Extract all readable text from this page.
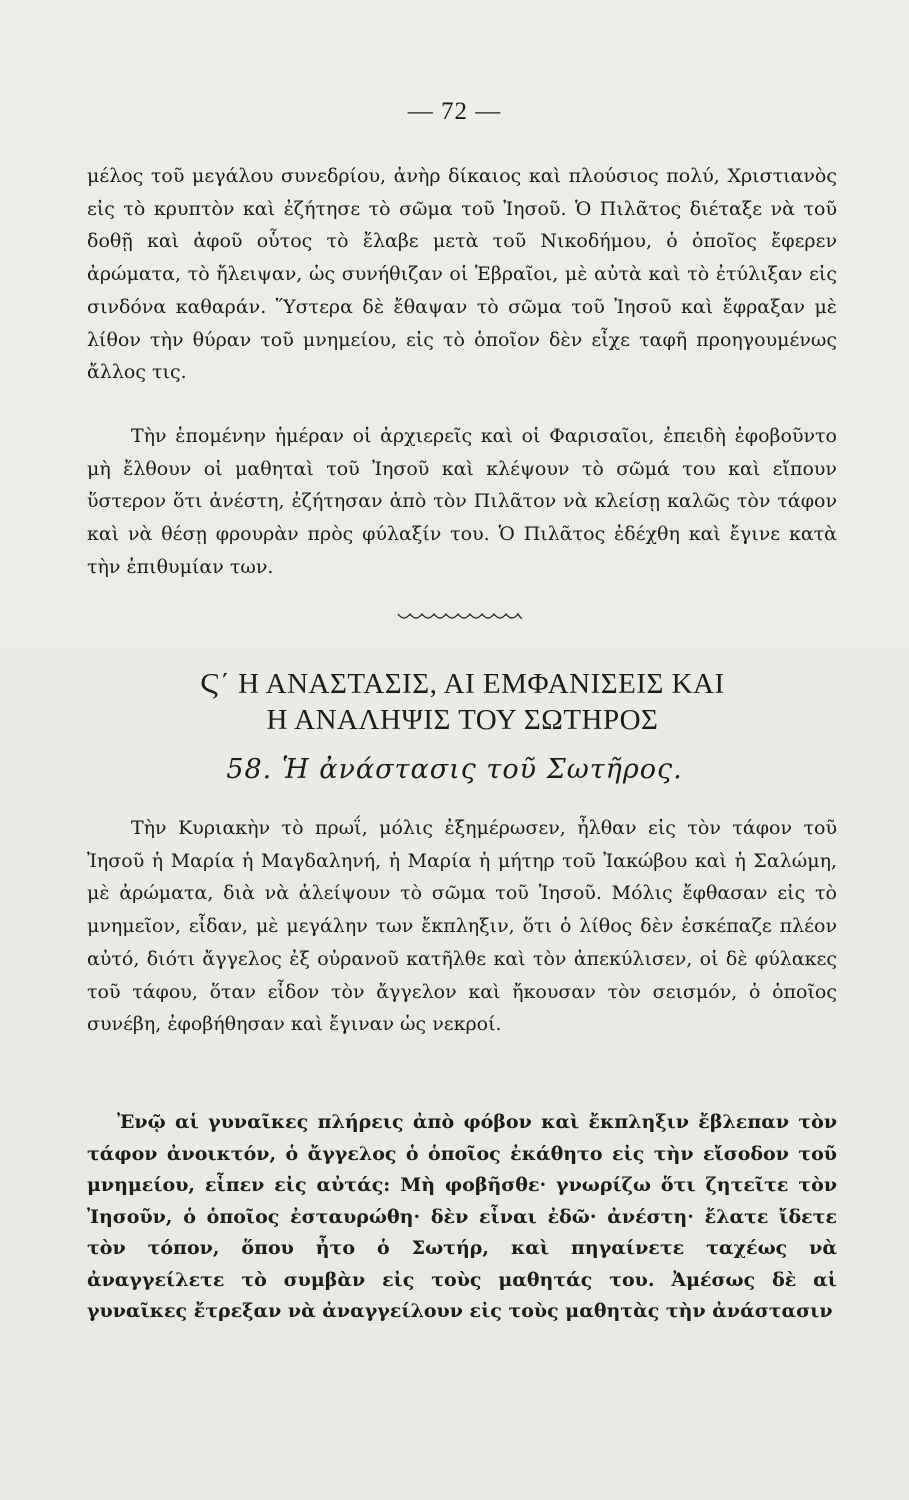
— 72 —

μέλος τοῦ μεγάλου συνεδρίου, ἀνὴρ δίκαιος καὶ πλούσιος πολύ, Χριστιανὸς εἰς τὸ κρυπτὸν καὶ ἐζήτησε τὸ σῶμα τοῦ Ἰησοῦ. Ὁ Πιλᾶτος διέταξε νὰ τοῦ δοθῇ καὶ ἀφοῦ οὗτος τὸ ἔλαβε μετὰ τοῦ Νικοδήμου, ὁ ὁποῖος ἔφερεν ἀρώματα, τὸ ἤλειψαν, ὡς συνήθιζαν οἱ Ἑβραῖοι, μὲ αὐτὰ καὶ τὸ ἐτύλιξαν εἰς σινδόνα καθαράν. Ὕστερα δὲ ἔθαψαν τὸ σῶμα τοῦ Ἰησοῦ καὶ ἔφραξαν μὲ λίθον τὴν θύραν τοῦ μνημείου, εἰς τὸ ὁποῖον δὲν εἶχε ταφῆ προηγουμένως ἄλλος τις.

Τὴν ἑπομένην ἡμέραν οἱ ἀρχιερεῖς καὶ οἱ Φαρισαῖοι, ἐπειδὴ ἐφοβοῦντο μὴ ἔλθουν οἱ μαθηταὶ τοῦ Ἰησοῦ καὶ κλέψουν τὸ σῶμά του καὶ εἴπουν ὕστερον ὅτι ἀνέστη, ἐζήτησαν ἀπὸ τὸν Πιλᾶτον νὰ κλείσῃ καλῶς τὸν τάφον καὶ νὰ θέσῃ φρουρὰν πρὸς φύλαξίν του. Ὁ Πιλᾶτος ἐδέχθη καὶ ἔγινε κατὰ τὴν ἐπιθυμίαν των.

Ϛ΄ Η ΑΝΑΣΤΑΣΙΣ, ΑΙ ΕΜΦΑΝΙΣΕΙΣ ΚΑΙ
Η ΑΝΑΛΗΨΙΣ ΤΟΥ ΣΩΤΗΡΟΣ
58. Ἡ ἀνάστασις τοῦ Σωτῆρος.

Τὴν Κυριακὴν τὸ πρωΐ, μόλις ἐξημέρωσεν, ἦλθαν εἰς τὸν τάφον τοῦ Ἰησοῦ ἡ Μαρία ἡ Μαγδαληνή, ἡ Μαρία ἡ μήτηρ τοῦ Ἰακώβου καὶ ἡ Σαλώμη, μὲ ἀρώματα, διὰ νὰ ἀλείψουν τὸ σῶμα τοῦ Ἰησοῦ. Μόλις ἔφθασαν εἰς τὸ μνημεῖον, εἶδαν, μὲ μεγάλην των ἔκπληξιν, ὅτι ὁ λίθος δὲν ἐσκέπαζε πλέον αὐτό, διότι ἄγγελος ἐξ οὐρανοῦ κατῆλθε καὶ τὸν ἀπεκύλισεν, οἱ δὲ φύλακες τοῦ τάφου, ὅταν εἶδον τὸν ἄγγελον καὶ ἤκουσαν τὸν σεισμόν, ὁ ὁποῖος συνέβη, ἐφοβήθησαν καὶ ἔγιναν ὡς νεκροί.

Ἐνῷ αἱ γυναῖκες πλήρεις ἀπὸ φόβον καὶ ἔκπληξιν ἔβλεπαν τὸν τάφον ἀνοικτόν, ὁ ἄγγελος ὁ ὁποῖος ἐκάθητο εἰς τὴν εἴσοδον τοῦ μνημείου, εἶπεν εἰς αὐτάς: Μὴ φοβῆσθε· γνωρίζω ὅτι ζητεῖτε τὸν Ἰησοῦν, ὁ ὁποῖος ἐσταυρώθη· δὲν εἶναι ἐδῶ· ἀνέστη· ἔλατε ἴδετε τὸν τόπον, ὅπου ἦτο ὁ Σωτήρ, καὶ πηγαίνετε ταχέως νὰ ἀναγγείλετε τὸ συμβὰν εἰς τοὺς μαθητάς του. Ἀμέσως δὲ αἱ γυναῖκες ἔτρεξαν νὰ ἀναγγείλουν εἰς τοὺς μαθητὰς τὴν ἀνάστασιν
